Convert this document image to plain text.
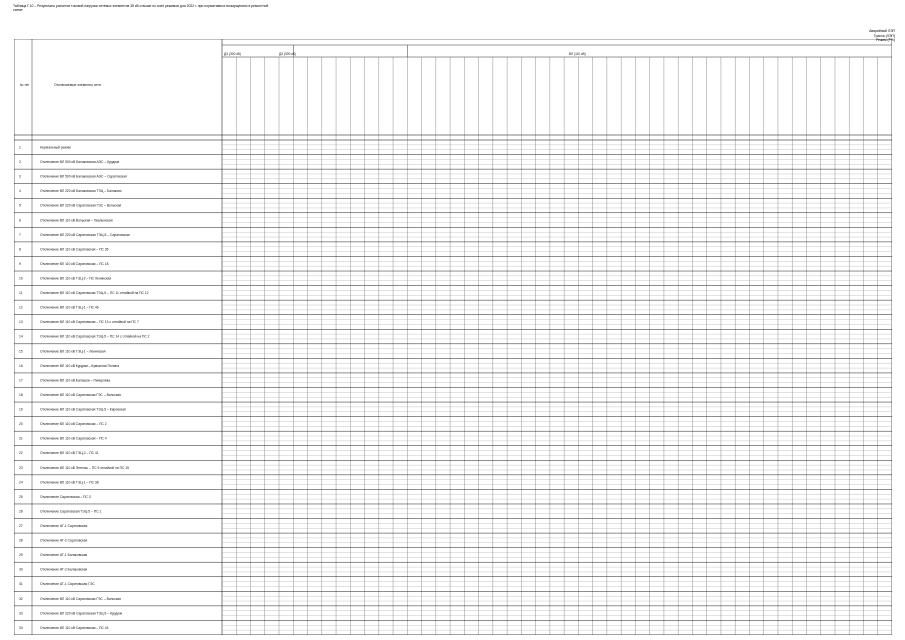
Таблица Г.10 – Результаты расчетов токовой нагрузки сетевых элементов 35 кВ и выше по зоне режимов для 2022 г. при нормативных возмущениях в ремонтной схеме
Аварийный ЛЭП
Трасса (ЛЭП)
Режим (Р%)
№ п/п	Отключаемые элементы сети
ДЗ (300 кВ)	ДЗ (300 кВ)	ВЛ (110 кВ)
1	Нормальный режим
2	Отключение ВЛ 500 кВ Балаковская АЭС – Курдюм
3	Отключение ВЛ 500 кВ Балаковская АЭС – Саратовская
4	Отключение ВЛ 220 кВ Балаковская ТЭЦ – Балаково
5	Отключение ВЛ 220 кВ Саратовская ГЭС – Вольская
6	Отключение ВЛ 110 кВ Вольская – Хвалынская
7	Отключение ВЛ 220 кВ Саратовская ТЭЦ-5 – Саратовская
8	Отключение ВЛ 110 кВ Саратовская – ПС 35
9	Отключение ВЛ 110 кВ Саратовская – ПС 18
10	Отключение ВЛ 110 кВ ТЭЦ-2 – ПС Ленинская
11	Отключение ВЛ 110 кВ Саратовская ТЭЦ-5 – ПС 11 отпайкой на ПС 12
12	Отключение ВЛ 110 кВ ТЭЦ-1 – ПС 46
13	Отключение ВЛ 110 кВ Саратовская – ПС 13 с отпайкой на ПС 7
14	Отключение ВЛ 110 кВ Саратовская ТЭЦ-5 – ПС 14 с отпайкой на ПС 2
15	Отключение ВЛ 110 кВ ТЭЦ-1 – Ленинская
16	Отключение ВЛ 110 кВ Курдюм – Кумысная Поляна
17	Отключение ВЛ 110 кВ Балашов – Пинеровка
18	Отключение ВЛ 110 кВ Саратовская ГЭС – Вольская
19	Отключение ВЛ 110 кВ Саратовская ТЭЦ-5 – Кировская
20	Отключение ВЛ 110 кВ Саратовская – ПС 2
21	Отключение ВЛ 110 кВ Саратовская – ПС 4
22	Отключение ВЛ 110 кВ ТЭЦ-2 – ПС 41
23	Отключение ВЛ 110 кВ Энгельс – ПС 9 отпайкой на ПС 15
24	Отключение ВЛ 110 кВ ТЭЦ-1 – ПС 38
25	Отключение Саратовская – ПС 3
26	Отключение Саратовская ТЭЦ-5 – ПС 1
27	Отключение АТ-1 Саратовская
28	Отключение АТ-2 Саратовская
29	Отключение АТ-1 Балаковская
30	Отключение АТ-2 Балаковская
31	Отключение АТ-1 Саратовская ГЭС
32	Отключение ВЛ 110 кВ Саратовская ГЭС – Вольская
33	Отключение ВЛ 220 кВ Саратовская ТЭЦ-5 – Курдюм
34	Отключение ВЛ 110 кВ Саратовская – ПС 44
